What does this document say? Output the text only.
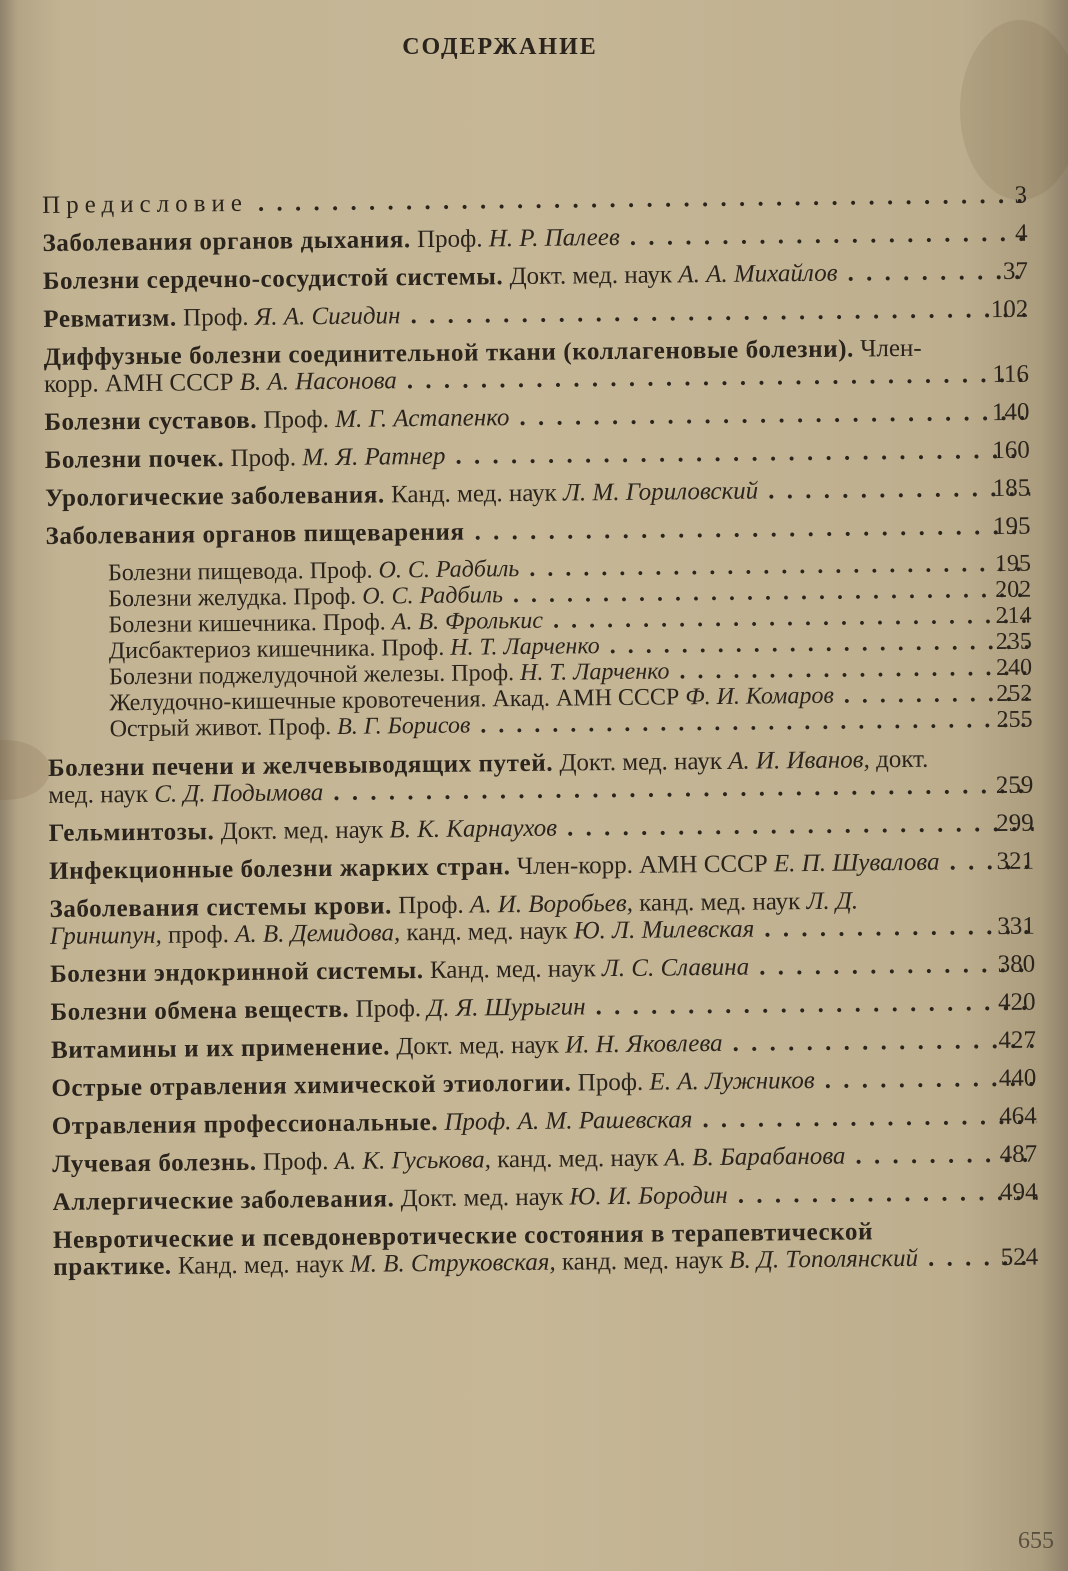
СОДЕРЖАНИЕ
Предисловие . . .	3
Заболевания органов дыхания. Проф. Н. Р. Палеев . . .	4
Болезни сердечно-сосудистой системы. Докт. мед. наук А. А. Михайлов . . .	37
Ревматизм. Проф. Я. А. Сигидин . . .	102
Диффузные болезни соединительной ткани (коллагеновые болезни). Член-корр. АМН СССР В. А. Насонова . . .	116
Болезни суставов. Проф. М. Г. Астапенко . . .	140
Болезни почек. Проф. М. Я. Ратнер . . .	160
Урологические заболевания. Канд. мед. наук Л. М. Гориловский . . .	185
Заболевания органов пищеварения . . .	195
Болезни пищевода. Проф. О. С. Радбиль . . .	195
Болезни желудка. Проф. О. С. Радбиль . . .	202
Болезни кишечника. Проф. А. В. Фролькис . . .	214
Дисбактериоз кишечника. Проф. Н. Т. Ларченко . . .	235
Болезни поджелудочной железы. Проф. Н. Т. Ларченко . . .	240
Желудочно-кишечные кровотечения. Акад. АМН СССР Ф. И. Комаров . . .	252
Острый живот. Проф. В. Г. Борисов . . .	255
Болезни печени и желчевыводящих путей. Докт. мед. наук А. И. Иванов, докт. мед. наук С. Д. Подымова . . .	259
Гельминтозы. Докт. мед. наук В. К. Карнаухов . . .	299
Инфекционные болезни жарких стран. Член-корр. АМН СССР Е. П. Шувалова . . .	321
Заболевания системы крови. Проф. А. И. Воробьев, канд. мед. наук Л. Д. Гриншпун, проф. А. В. Демидова, канд. мед. наук Ю. Л. Милевская . . .	331
Болезни эндокринной системы. Канд. мед. наук Л. С. Славина . . .	380
Болезни обмена веществ. Проф. Д. Я. Шурыгин . . .	420
Витамины и их применение. Докт. мед. наук И. Н. Яковлева . . .	427
Острые отравления химической этиологии. Проф. Е. А. Лужников . . .	440
Отравления профессиональные. Проф. А. М. Рашевская . . .	464
Лучевая болезнь. Проф. А. К. Гуськова, канд. мед. наук А. В. Барабанова . . .	487
Аллергические заболевания. Докт. мед. наук Ю. И. Бородин . . .	494
Невротические и псевдоневротические состояния в терапевтической практике. Канд. мед. наук М. В. Струковская, канд. мед. наук В. Д. Тополянский . . .	524
655
